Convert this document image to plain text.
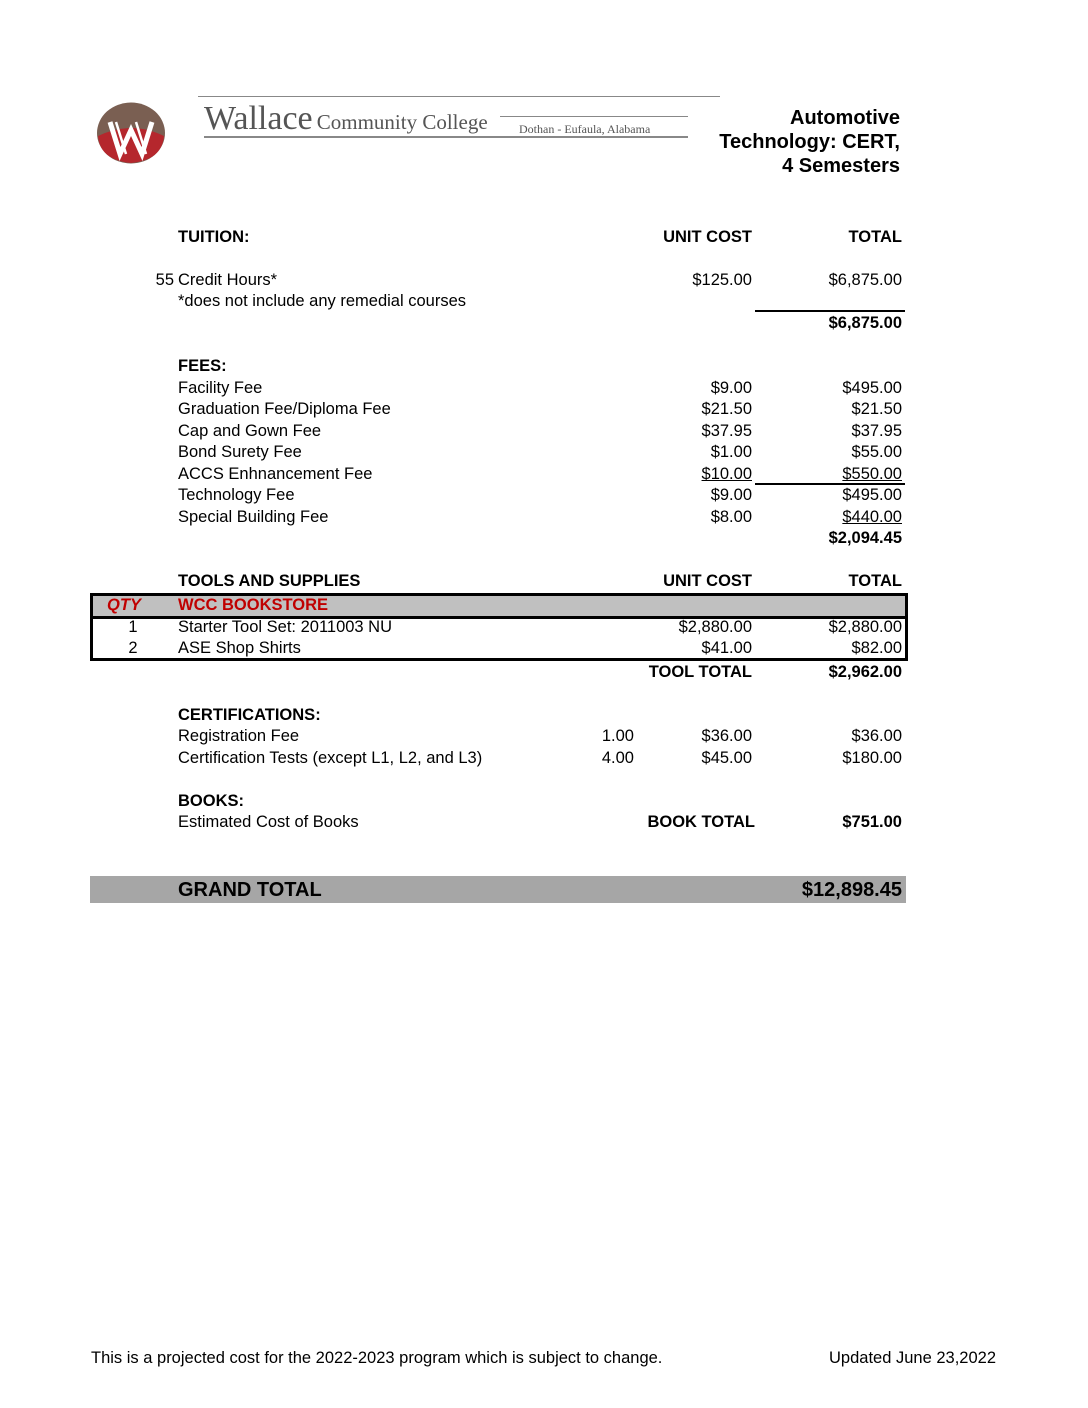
Wallace Community College	Dothan - Eufaula, Alabama	Automotive
Technology: CERT,
4 Semesters
TUITION:	UNIT COST	TOTAL
55 Credit Hours*	$125.00	$6,875.00
*does not include any remedial courses
$6,875.00
FEES:
Facility Fee	$9.00	$495.00
Graduation Fee/Diploma Fee	$21.50	$21.50
Cap and Gown Fee	$37.95	$37.95
Bond Surety Fee	$1.00	$55.00
ACCS Enhnancement Fee	$10.00	$550.00
Technology Fee	$9.00	$495.00
Special Building Fee	$8.00	$440.00
$2,094.45
TOOLS AND SUPPLIES	UNIT COST	TOTAL
QTY	WCC BOOKSTORE
1	Starter Tool Set: 2011003 NU	$2,880.00	$2,880.00
2	ASE Shop Shirts	$41.00	$82.00
TOOL TOTAL	$2,962.00
CERTIFICATIONS:
Registration Fee	1.00	$36.00	$36.00
Certification Tests (except L1, L2, and L3)	4.00	$45.00	$180.00
BOOKS:
Estimated Cost of Books	BOOK TOTAL	$751.00
GRAND TOTAL	$12,898.45
This is a projected cost for the 2022-2023 program which is subject to change.	Updated June 23,2022
